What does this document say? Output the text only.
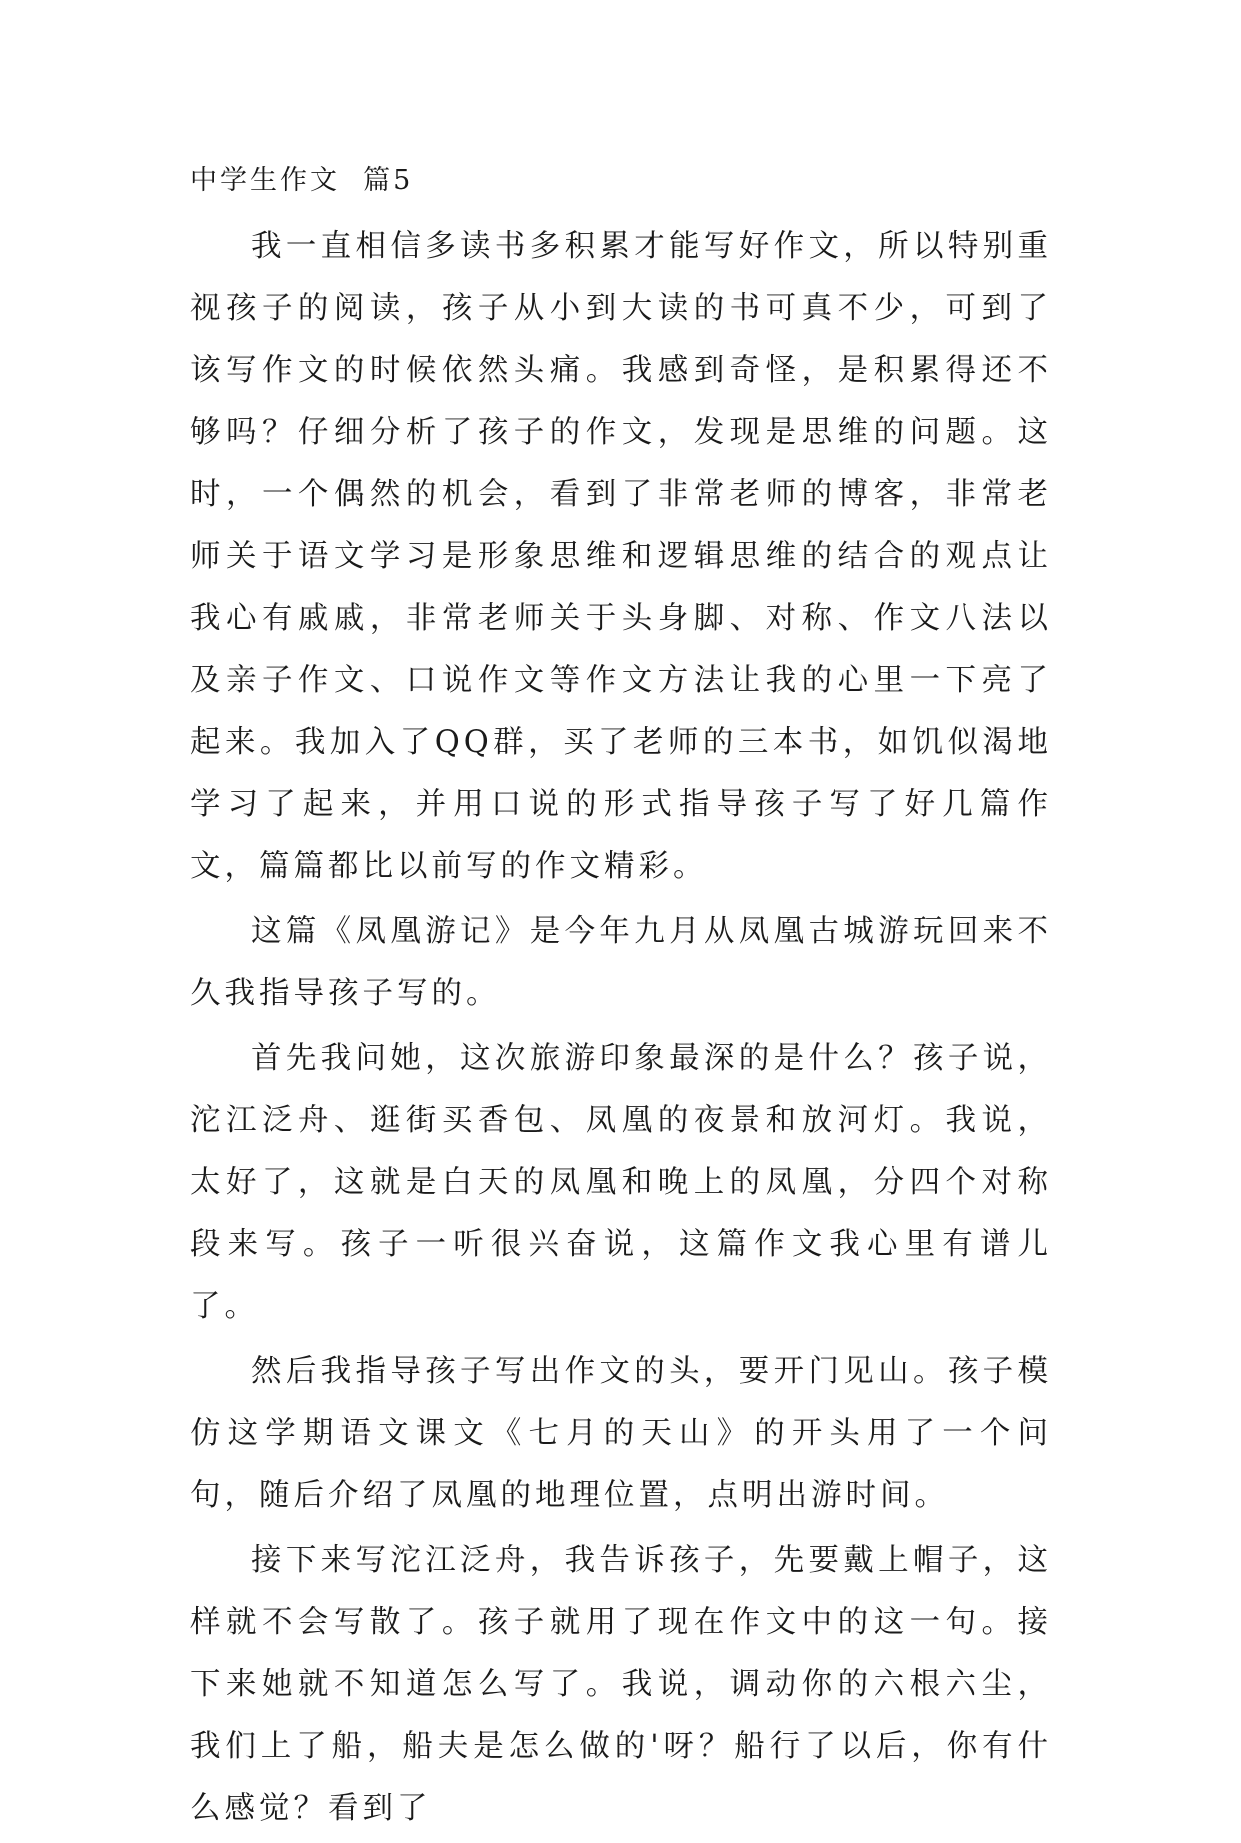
中学生作文  篇5

我一直相信多读书多积累才能写好作文，所以特别重视孩子的阅读，孩子从小到大读的书可真不少，可到了该写作文的时候依然头痛。我感到奇怪，是积累得还不够吗？仔细分析了孩子的作文，发现是思维的问题。这时，一个偶然的机会，看到了非常老师的博客，非常老师关于语文学习是形象思维和逻辑思维的结合的观点让我心有戚戚，非常老师关于头身脚、对称、作文八法以及亲子作文、口说作文等作文方法让我的心里一下亮了起来。我加入了QQ群，买了老师的三本书，如饥似渴地学习了起来，并用口说的形式指导孩子写了好几篇作文，篇篇都比以前写的作文精彩。

这篇《凤凰游记》是今年九月从凤凰古城游玩回来不久我指导孩子写的。

首先我问她，这次旅游印象最深的是什么？孩子说，沱江泛舟、逛街买香包、凤凰的夜景和放河灯。我说，太好了，这就是白天的凤凰和晚上的凤凰，分四个对称段来写。孩子一听很兴奋说，这篇作文我心里有谱儿了。

然后我指导孩子写出作文的头，要开门见山。孩子模仿这学期语文课文《七月的天山》的开头用了一个问句，随后介绍了凤凰的地理位置，点明出游时间。

接下来写沱江泛舟，我告诉孩子，先要戴上帽子，这样就不会写散了。孩子就用了现在作文中的这一句。接下来她就不知道怎么写了。我说，调动你的六根六尘，我们上了船，船夫是怎么做的'呀？船行了以后，你有什么感觉？看到了
